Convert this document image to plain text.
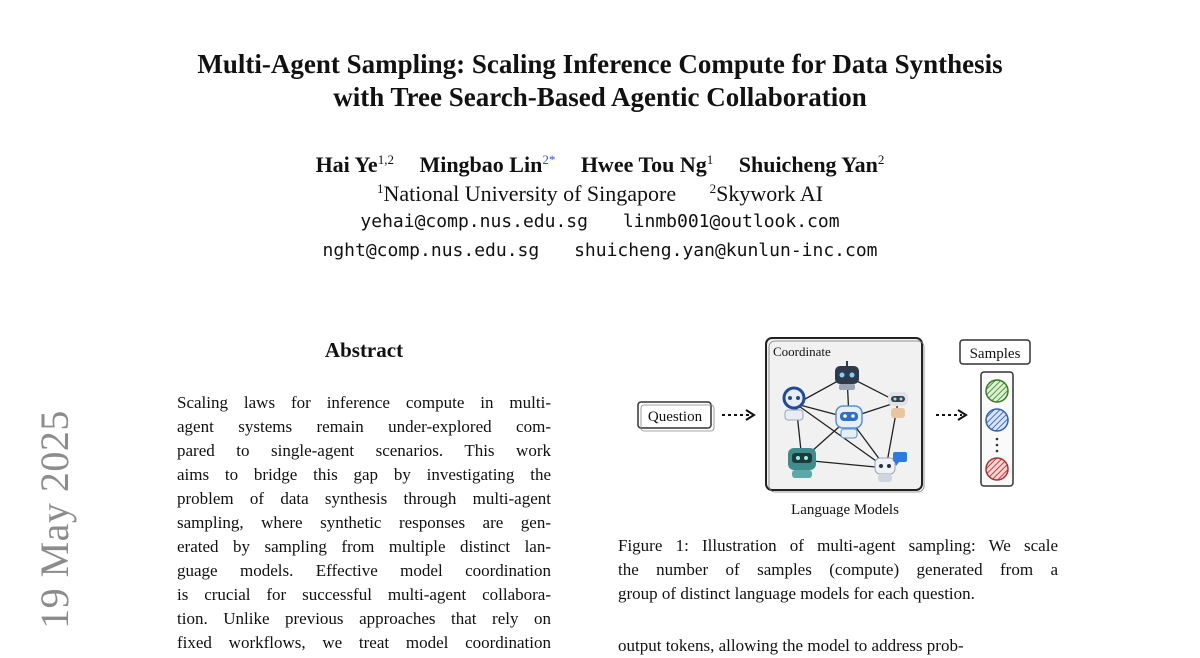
19 May 2025
Multi-Agent Sampling: Scaling Inference Compute for Data Synthesis
with Tree Search-Based Agentic Collaboration
Hai Ye$^{1,2}$ Mingbao Lin$^{2*}$ Hwee Tou Ng$^1$ Shuicheng Yan$^2$
$^1$National University of Singapore	$^2$Skywork AI
yehai@comp.nus.edu.sg linmb001@outlook.com
nght@comp.nus.edu.sg shuicheng.yan@kunlun-inc.com
Abstract
Scaling laws for inference compute in multi-
agent systems remain under-explored com-
pared to single-agent scenarios. This work
aims to bridge this gap by investigating the
problem of data synthesis through multi-agent
sampling, where synthetic responses are gen-
erated by sampling from multiple distinct lan-
guage models. Effective model coordination
is crucial for successful multi-agent collabora-
tion. Unlike previous approaches that rely on
fixed workflows, we treat model coordination
Question
Coordinate
Language Models
Samples
Figure 1: Illustration of multi-agent sampling: We scale
the number of samples (compute) generated from a
group of distinct language models for each question.
output tokens, allowing the model to address prob-
